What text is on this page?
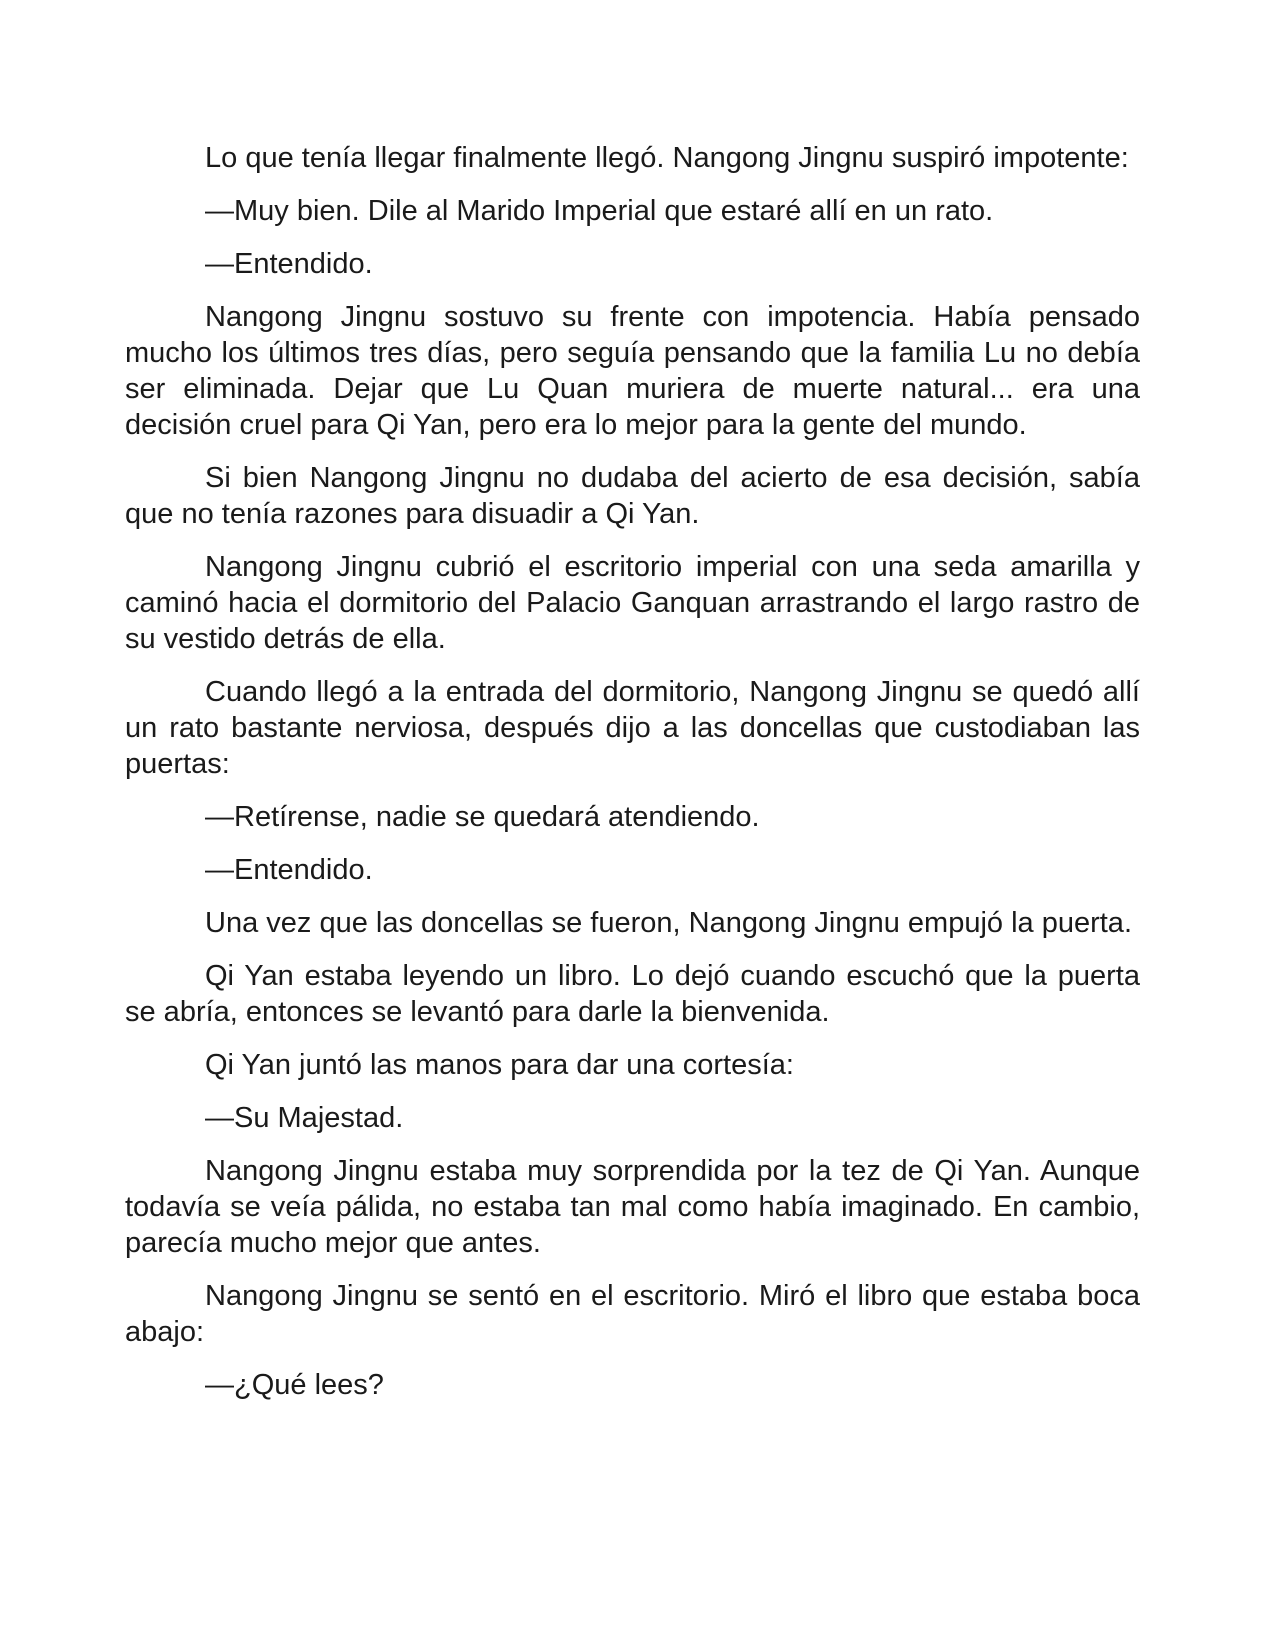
Lo que tenía llegar finalmente llegó. Nangong Jingnu suspiró impotente:

—Muy bien. Dile al Marido Imperial que estaré allí en un rato.

—Entendido.

Nangong Jingnu sostuvo su frente con impotencia. Había pensado mucho los últimos tres días, pero seguía pensando que la familia Lu no debía ser eliminada. Dejar que Lu Quan muriera de muerte natural... era una decisión cruel para Qi Yan, pero era lo mejor para la gente del mundo.

Si bien Nangong Jingnu no dudaba del acierto de esa decisión, sabía que no tenía razones para disuadir a Qi Yan.

Nangong Jingnu cubrió el escritorio imperial con una seda amarilla y caminó hacia el dormitorio del Palacio Ganquan arrastrando el largo rastro de su vestido detrás de ella.

Cuando llegó a la entrada del dormitorio, Nangong Jingnu se quedó allí un rato bastante nerviosa, después dijo a las doncellas que custodiaban las puertas:

—Retírense, nadie se quedará atendiendo.

—Entendido.

Una vez que las doncellas se fueron, Nangong Jingnu empujó la puerta.

Qi Yan estaba leyendo un libro. Lo dejó cuando escuchó que la puerta se abría, entonces se levantó para darle la bienvenida.

Qi Yan juntó las manos para dar una cortesía:

—Su Majestad.

Nangong Jingnu estaba muy sorprendida por la tez de Qi Yan. Aunque todavía se veía pálida, no estaba tan mal como había imaginado. En cambio, parecía mucho mejor que antes.

Nangong Jingnu se sentó en el escritorio. Miró el libro que estaba boca abajo:

—¿Qué lees?
